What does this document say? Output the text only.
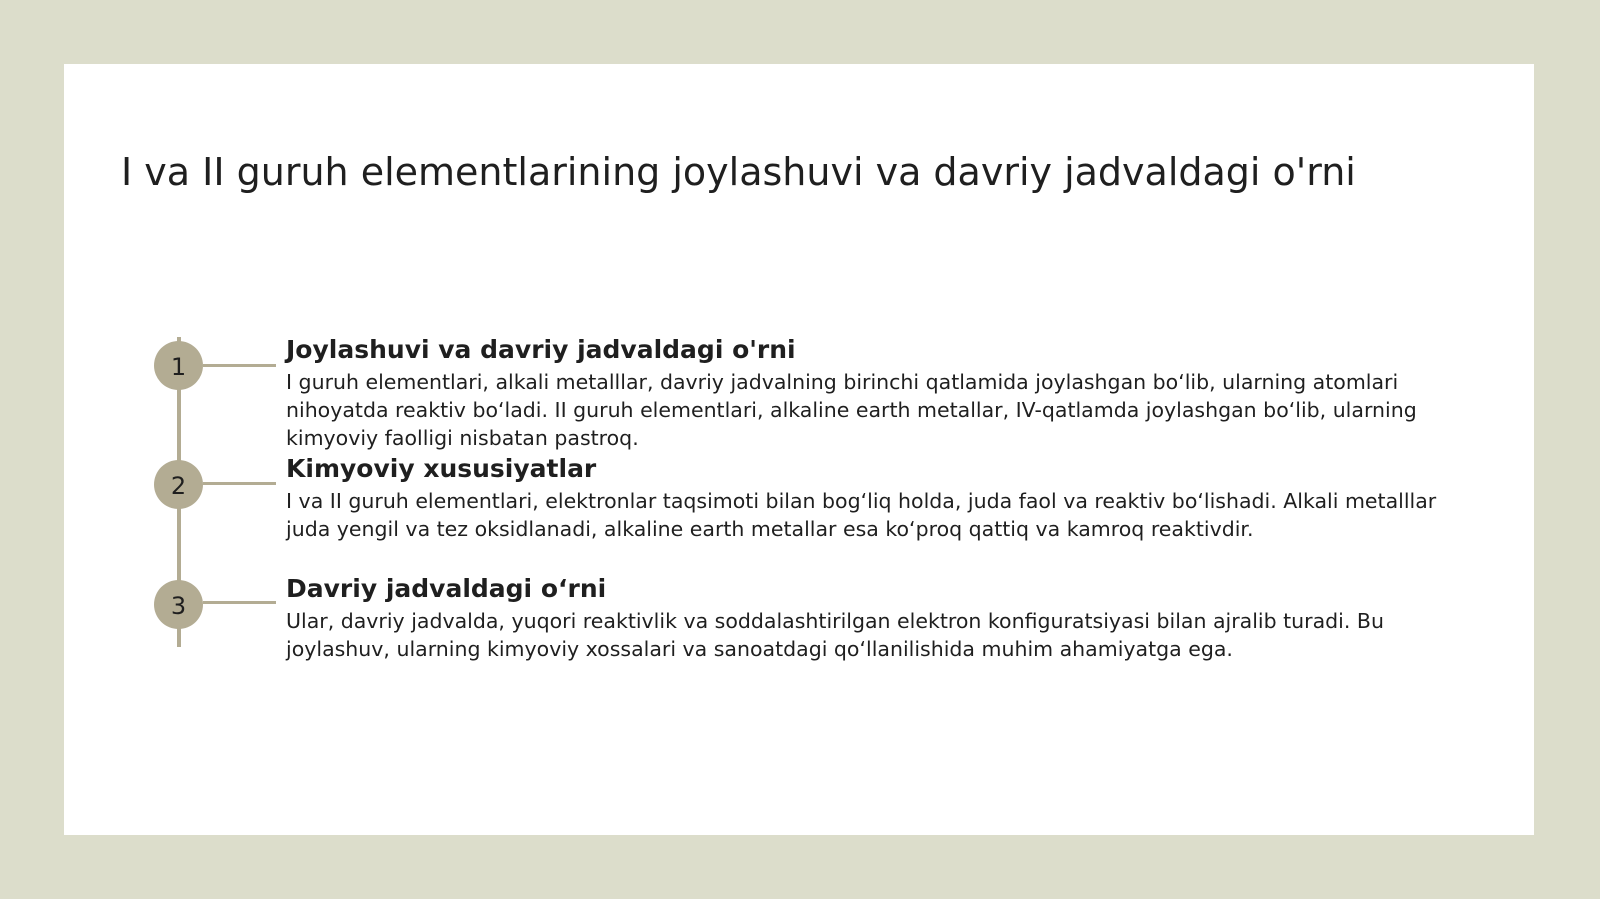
I va II guruh elementlarining joylashuvi va davriy jadvaldagi o'rni
1
Joylashuvi va davriy jadvaldagi o'rni

I guruh elementlari, alkali metalllar, davriy jadvalning birinchi qatlamida joylashgan bo‘lib, ularning atomlari nihoyatda reaktiv bo‘ladi. II guruh elementlari, alkaline earth metallar, IV-qatlamda joylashgan bo‘lib, ularning kimyoviy faolligi nisbatan pastroq.

2
Kimyoviy xususiyatlar

I va II guruh elementlari, elektronlar taqsimoti bilan bog‘liq holda, juda faol va reaktiv bo‘lishadi. Alkali metalllar juda yengil va tez oksidlanadi, alkaline earth metallar esa ko‘proq qattiq va kamroq reaktivdir.

3
Davriy jadvaldagi o‘rni

Ular, davriy jadvalda, yuqori reaktivlik va soddalashtirilgan elektron konfiguratsiyasi bilan ajralib turadi. Bu joylashuv, ularning kimyoviy xossalari va sanoatdagi qo‘llanilishida muhim ahamiyatga ega.
